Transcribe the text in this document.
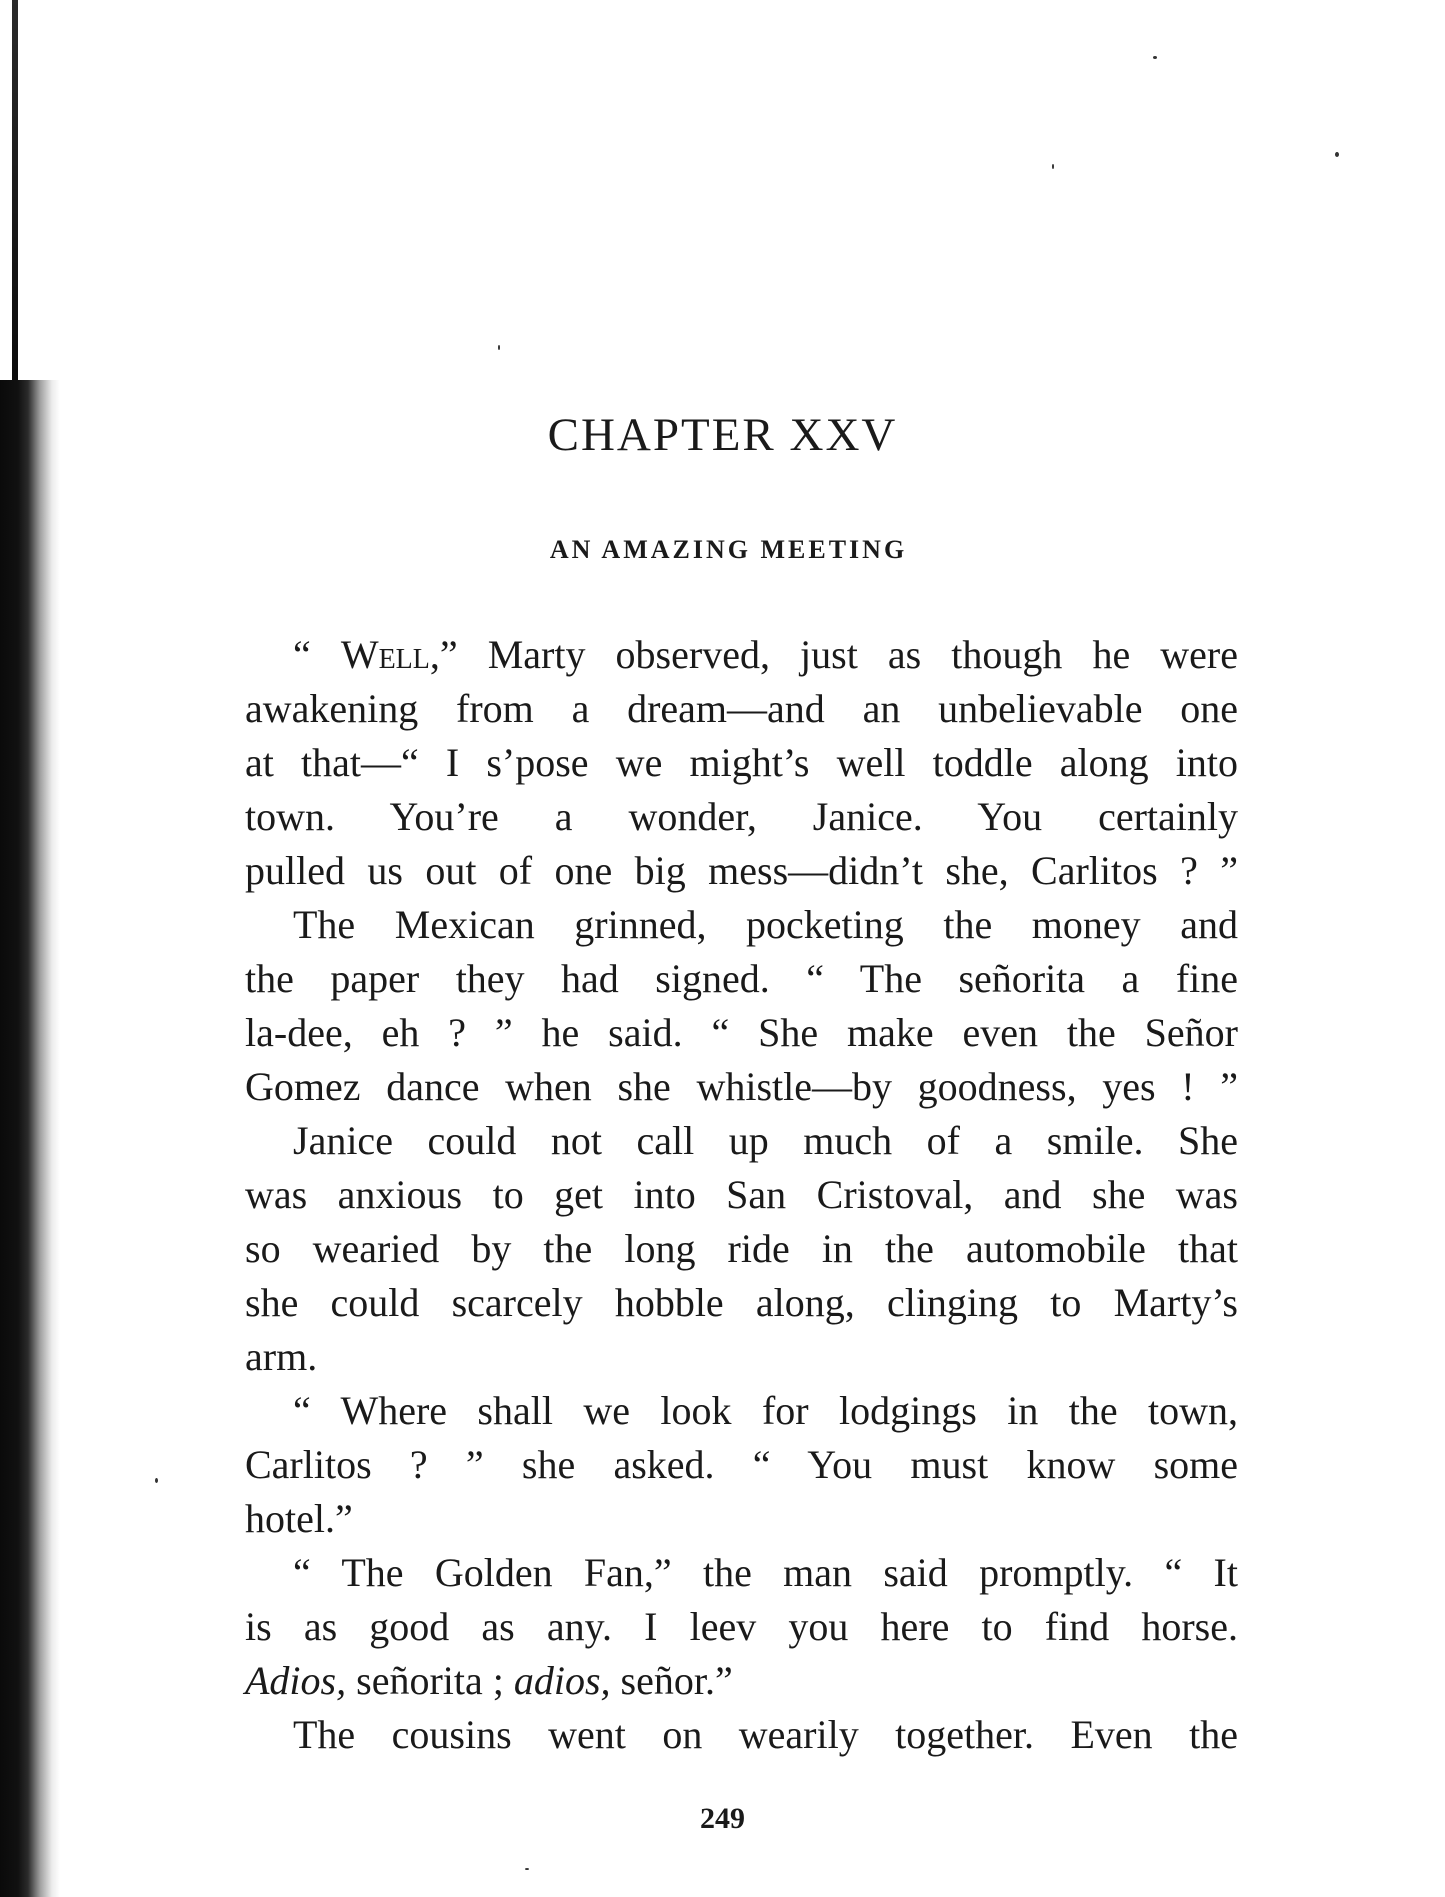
CHAPTER XXV
AN AMAZING MEETING
“ Well,” Marty observed, just as though he were
awakening from a dream—and an unbelievable one
at that—“ I s’pose we might’s well toddle along into
town. You’re a wonder, Janice. You certainly
pulled us out of one big mess—didn’t she, Carlitos ? ”
The Mexican grinned, pocketing the money and
the paper they had signed. “ The señorita a fine
la-dee, eh ? ” he said. “ She make even the Señor
Gomez dance when she whistle—by goodness, yes ! ”
Janice could not call up much of a smile. She
was anxious to get into San Cristoval, and she was
so wearied by the long ride in the automobile that
she could scarcely hobble along, clinging to Marty’s
arm.
“ Where shall we look for lodgings in the town,
Carlitos ? ” she asked. “ You must know some
hotel.”
“ The Golden Fan,” the man said promptly. “ It
is as good as any. I leev you here to find horse.
Adios, señorita ; adios, señor.”
The cousins went on wearily together. Even the
249
